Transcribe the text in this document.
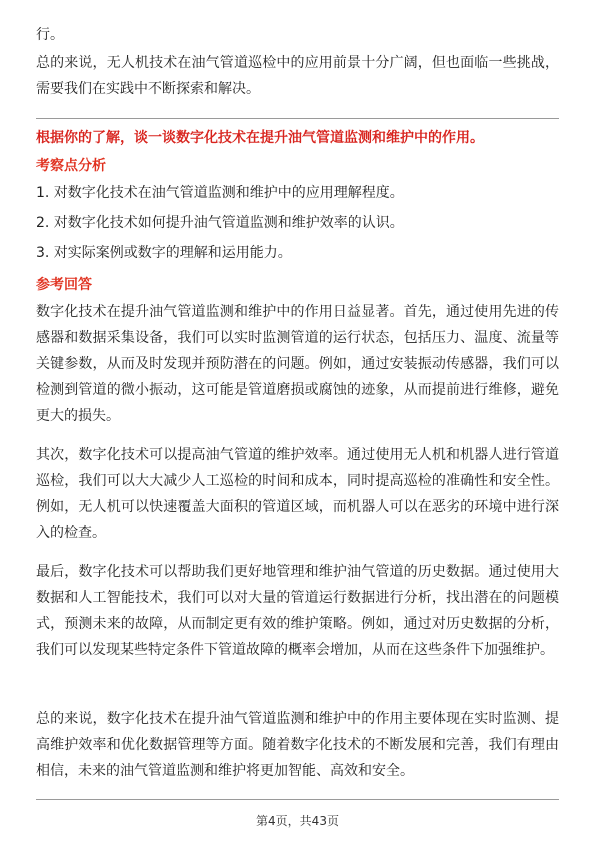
行。

总的来说，无人机技术在油气管道巡检中的应用前景十分广阔，但也面临一些挑战，需要我们在实践中不断探索和解决。

根据你的了解，谈一谈数字化技术在提升油气管道监测和维护中的作用。
考察点分析

1. 对数字化技术在油气管道监测和维护中的应用理解程度。

2. 对数字化技术如何提升油气管道监测和维护效率的认识。

3. 对实际案例或数字的理解和运用能力。

参考回答

数字化技术在提升油气管道监测和维护中的作用日益显著。首先，通过使用先进的传感器和数据采集设备，我们可以实时监测管道的运行状态，包括压力、温度、流量等关键参数，从而及时发现并预防潜在的问题。例如，通过安装振动传感器，我们可以检测到管道的微小振动，这可能是管道磨损或腐蚀的迹象，从而提前进行维修，避免更大的损失。

其次，数字化技术可以提高油气管道的维护效率。通过使用无人机和机器人进行管道巡检，我们可以大大减少人工巡检的时间和成本，同时提高巡检的准确性和安全性。例如，无人机可以快速覆盖大面积的管道区域，而机器人可以在恶劣的环境中进行深入的检查。

最后，数字化技术可以帮助我们更好地管理和维护油气管道的历史数据。通过使用大数据和人工智能技术，我们可以对大量的管道运行数据进行分析，找出潜在的问题模式，预测未来的故障，从而制定更有效的维护策略。例如，通过对历史数据的分析，我们可以发现某些特定条件下管道故障的概率会增加，从而在这些条件下加强维护。

总的来说，数字化技术在提升油气管道监测和维护中的作用主要体现在实时监测、提高维护效率和优化数据管理等方面。随着数字化技术的不断发展和完善，我们有理由相信，未来的油气管道监测和维护将更加智能、高效和安全。

第4页，共43页
